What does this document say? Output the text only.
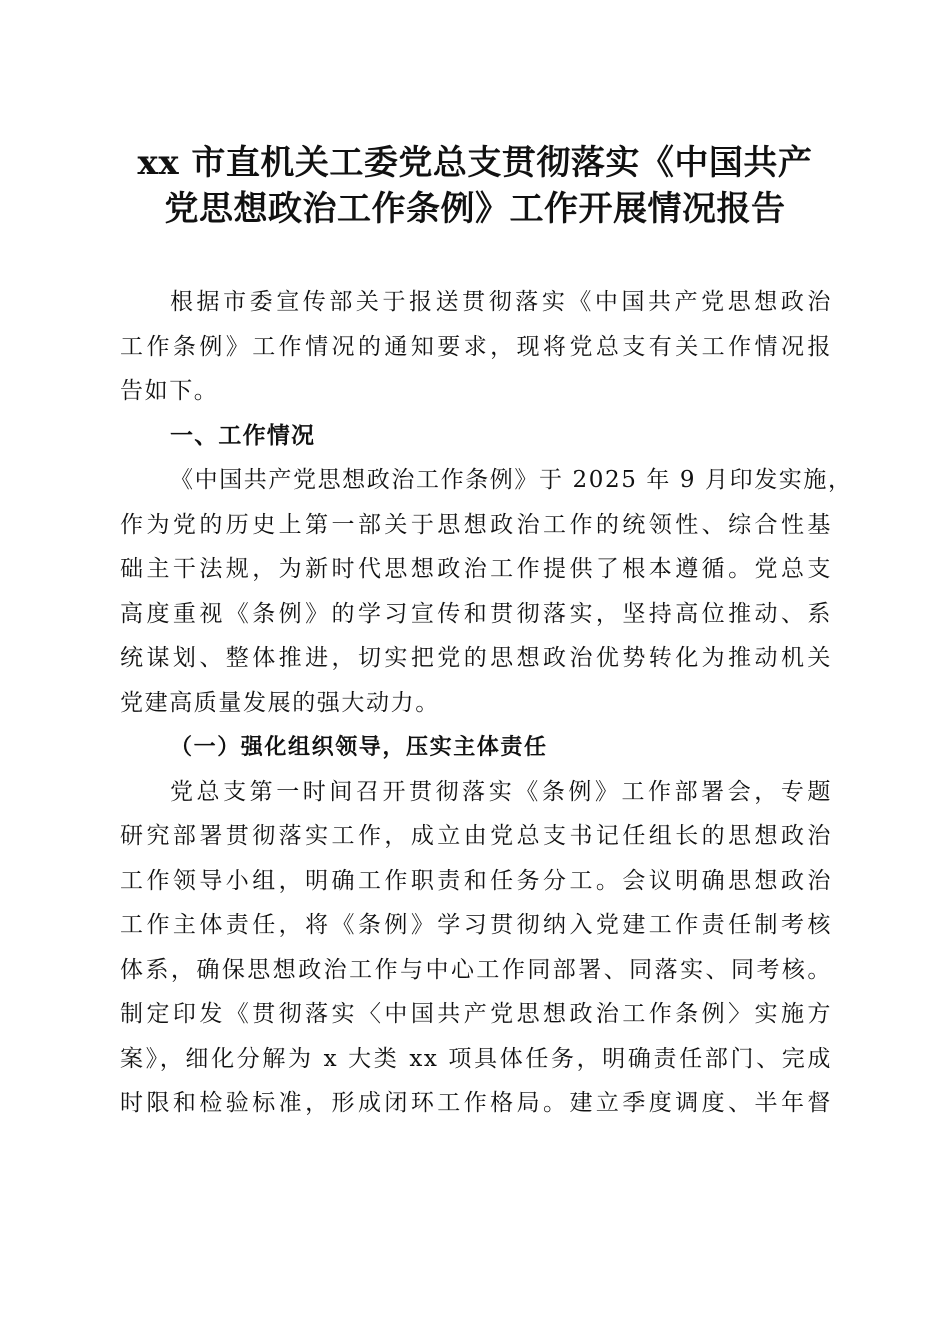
xx 市直机关工委党总支贯彻落实《中国共产
党思想政治工作条例》工作开展情况报告
根据市委宣传部关于报送贯彻落实《中国共产党思想政治
工作条例》工作情况的通知要求，现将党总支有关工作情况报
告如下。
一、工作情况
《中国共产党思想政治工作条例》于 2025 年 9 月印发实施，
作为党的历史上第一部关于思想政治工作的统领性、综合性基
础主干法规，为新时代思想政治工作提供了根本遵循。党总支
高度重视《条例》的学习宣传和贯彻落实，坚持高位推动、系
统谋划、整体推进，切实把党的思想政治优势转化为推动机关
党建高质量发展的强大动力。
（一）强化组织领导，压实主体责任
党总支第一时间召开贯彻落实《条例》工作部署会，专题
研究部署贯彻落实工作，成立由党总支书记任组长的思想政治
工作领导小组，明确工作职责和任务分工。会议明确思想政治
工作主体责任，将《条例》学习贯彻纳入党建工作责任制考核
体系，确保思想政治工作与中心工作同部署、同落实、同考核。
制定印发《贯彻落实〈中国共产党思想政治工作条例〉实施方
案》，细化分解为 x 大类 xx 项具体任务，明确责任部门、完成
时限和检验标准，形成闭环工作格局。建立季度调度、半年督
